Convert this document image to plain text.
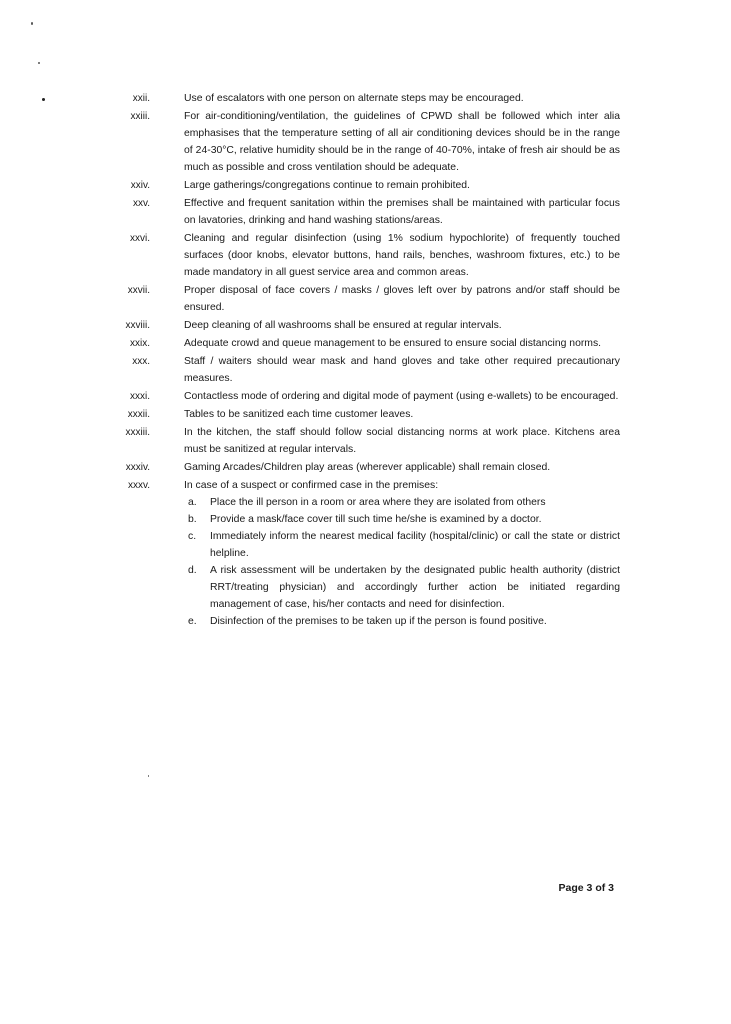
xxii.	Use of escalators with one person on alternate steps may be encouraged.
xxiii.	For air-conditioning/ventilation, the guidelines of CPWD shall be followed which inter alia emphasises that the temperature setting of all air conditioning devices should be in the range of 24-30°C, relative humidity should be in the range of 40-70%, intake of fresh air should be as much as possible and cross ventilation should be adequate.
xxiv.	Large gatherings/congregations continue to remain prohibited.
xxv.	Effective and frequent sanitation within the premises shall be maintained with particular focus on lavatories, drinking and hand washing stations/areas.
xxvi.	Cleaning and regular disinfection (using 1% sodium hypochlorite) of frequently touched surfaces (door knobs, elevator buttons, hand rails, benches, washroom fixtures, etc.) to be made mandatory in all guest service area and common areas.
xxvii.	Proper disposal of face covers / masks / gloves left over by patrons and/or staff should be ensured.
xxviii.	Deep cleaning of all washrooms shall be ensured at regular intervals.
xxix.	Adequate crowd and queue management to be ensured to ensure social distancing norms.
xxx.	Staff / waiters should wear mask and hand gloves and take other required precautionary measures.
xxxi.	Contactless mode of ordering and digital mode of payment (using e-wallets) to be encouraged.
xxxii.	Tables to be sanitized each time customer leaves.
xxxiii.	In the kitchen, the staff should follow social distancing norms at work place. Kitchens area must be sanitized at regular intervals.
xxxiv.	Gaming Arcades/Children play areas (wherever applicable) shall remain closed.
xxxv.	In case of a suspect or confirmed case in the premises:
a. Place the ill person in a room or area where they are isolated from others
b. Provide a mask/face cover till such time he/she is examined by a doctor.
c. Immediately inform the nearest medical facility (hospital/clinic) or call the state or district helpline.
d. A risk assessment will be undertaken by the designated public health authority (district RRT/treating physician) and accordingly further action be initiated regarding management of case, his/her contacts and need for disinfection.
e. Disinfection of the premises to be taken up if the person is found positive.
Page 3 of 3
